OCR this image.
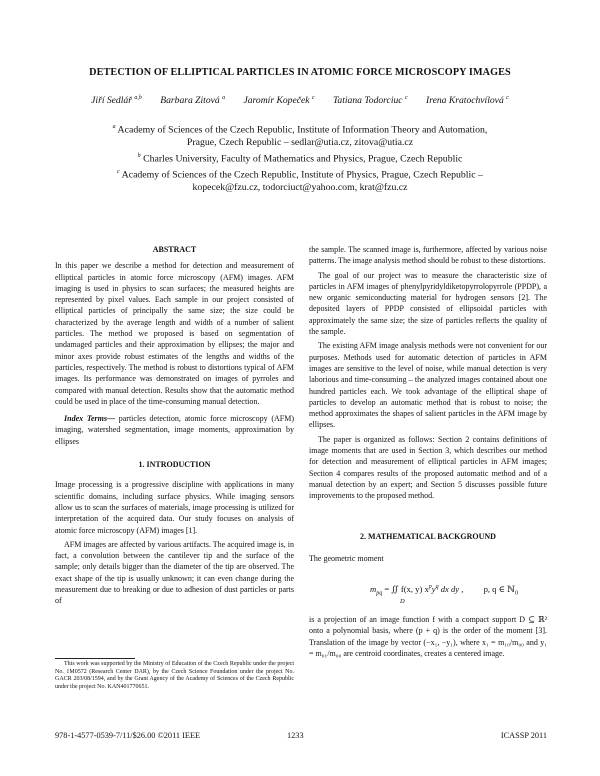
DETECTION OF ELLIPTICAL PARTICLES IN ATOMIC FORCE MICROSCOPY IMAGES
Jiří Sedlář $^{a,b}$ Barbara Zitová $^a$ Jaromír Kopeček $^c$ Tatiana Todorciuc $^c$ Irena Kratochvílová $^c$
$^a$ Academy of Sciences of the Czech Republic, Institute of Information Theory and Automation,
Prague, Czech Republic – sedlar@utia.cz, zitova@utia.cz
$^b$ Charles University, Faculty of Mathematics and Physics, Prague, Czech Republic
$^c$ Academy of Sciences of the Czech Republic, Institute of Physics, Prague, Czech Republic –
kopecek@fzu.cz, todorciuct@yahoo.com, krat@fzu.cz
ABSTRACT

In this paper we describe a method for detection and measurement of elliptical particles in atomic force microscopy (AFM) images. AFM imaging is used in physics to scan surfaces; the measured heights are represented by pixel values. Each sample in our project consisted of elliptical particles of principally the same size; the size could be characterized by the average length and width of a number of salient particles. The method we proposed is based on segmentation of undamaged particles and their approximation by ellipses; the major and minor axes provide robust estimates of the lengths and widths of the particles, respectively. The method is robust to distortions typical of AFM images. Its performance was demonstrated on images of pyrroles and compared with manual detection. Results show that the automatic method could be used in place of the time-consuming manual detection.

Index Terms— particles detection, atomic force microscopy (AFM) imaging, watershed segmentation, image moments, approximation by ellipses

1. INTRODUCTION

Image processing is a progressive discipline with applications in many scientific domains, including surface physics. While imaging sensors allow us to scan the surfaces of materials, image processing is utilized for interpretation of the acquired data. Our study focuses on analysis of atomic force microscopy (AFM) images [1].

AFM images are affected by various artifacts. The acquired image is, in fact, a convolution between the cantilever tip and the surface of the sample; only details bigger than the diameter of the tip are observed. The exact shape of the tip is usually unknown; it can even change during the measurement due to breaking or due to adhesion of dust particles or parts of

This work was supported by the Ministry of Education of the Czech Republic under the project No. 1M0572 (Research Center DAR), by the Czech Science Foundation under the project No. GACR 203/08/1594, and by the Grant Agency of the Academy of Sciences of the Czech Republic under the project No. KAN401770651.

the sample. The scanned image is, furthermore, affected by various noise patterns. The image analysis method should be robust to these distortions.

The goal of our project was to measure the characteristic size of particles in AFM images of phenylpyridyldiketopyrrolopyrrole (PPDP), a new organic semiconducting material for hydrogen sensors [2]. The deposited layers of PPDP consisted of ellipsoidal particles with approximately the same size; the size of particles reflects the quality of the sample.

The existing AFM image analysis methods were not convenient for our purposes. Methods used for automatic detection of particles in AFM images are sensitive to the level of noise, while manual detection is very laborious and time-consuming – the analyzed images contained about one hundred particles each. We took advantage of the elliptical shape of particles to develop an automatic method that is robust to noise; the method approximates the shapes of salient particles in the AFM image by ellipses.

The paper is organized as follows: Section 2 contains definitions of image moments that are used in Section 3, which describes our method for detection and measurement of elliptical particles in AFM images; Section 4 compares results of the proposed automatic method and of a manual detection by an expert; and Section 5 discusses possible future improvements to the proposed method.

2. MATHEMATICAL BACKGROUND
The geometric moment
$m_{pq}$ = ∬ f(x, y) $x^py^q$ dx dy , p, q ∈ ℕ$_0$
D
is a projection of an image function f with a compact support D ⊆ ℝ² onto a polynomial basis, where (p + q) is the order of the moment [3]. Translation of the image by vector (−x₁, −y₁), where x₁ = m₁₀/m₀₀ and y₁ = m₀₁/m₀₀ are centroid coordinates, creates a centered image.
978-1-4577-0539-7/11/$26.00 ©2011 IEEE	1233	ICASSP 2011
